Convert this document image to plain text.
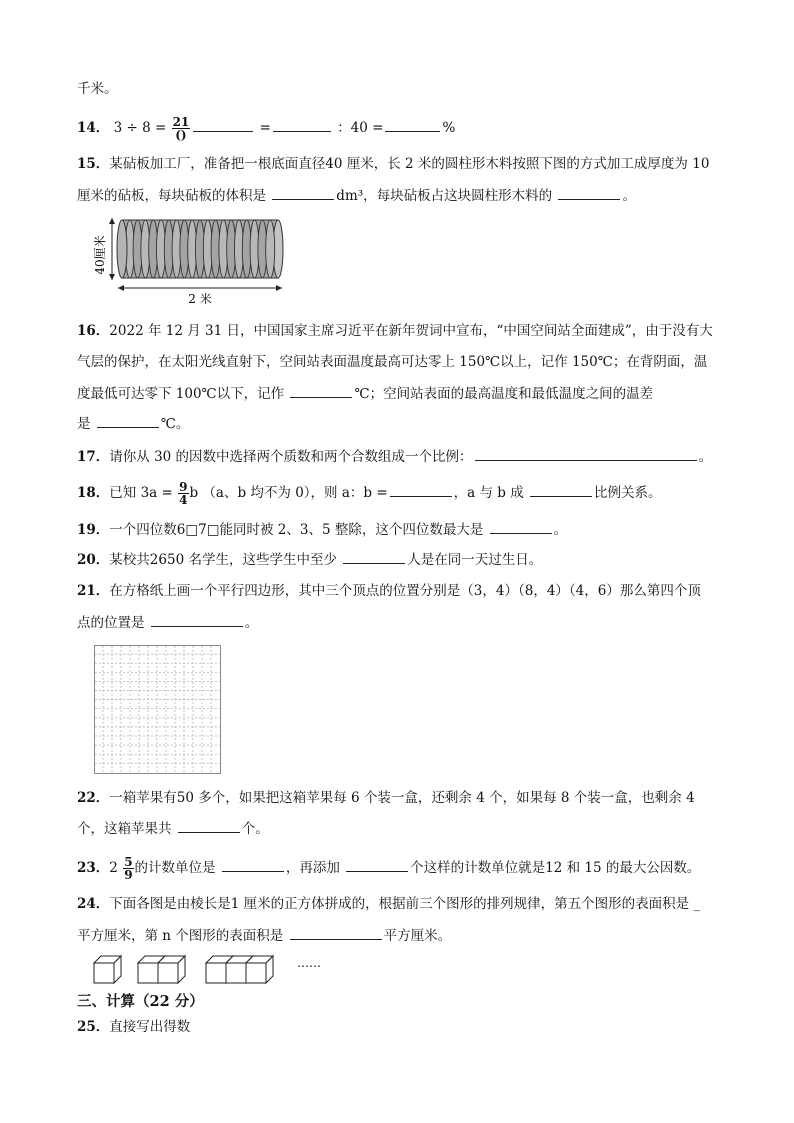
千米。
14． $3 \div 8 = \frac{21}{()}$	=	：40 =	%
15．某砧板加工厂，准备把一根底面直径40 厘米，长 2 米的圆柱形木料按照下图的方式加工成厚度为 10
厘米的砧板，每块砧板的体积是	dm³，每块砧板占这块圆柱形木料的	。
40厘米
2 米
16．2022 年 12 月 31 日，中国国家主席习近平在新年贺词中宣布，“中国空间站全面建成”，由于没有大
气层的保护，在太阳光线直射下，空间站表面温度最高可达零上 150℃以上，记作 150℃；在背阴面，温
度最低可达零下 100℃以下，记作	℃；空间站表面的最高温度和最低温度之间的温差
是	℃。
17．请你从 30 的因数中选择两个质数和两个合数组成一个比例：	。
18．已知 $3a = \frac{9}{4}$ b （a、b 均不为 0），则 a：b =	，a 与 b 成	比例关系。
19．一个四位数6□7□能同时被 2、3、5 整除，这个四位数最大是	。
20．某校共2650 名学生，这些学生中至少	人是在同一天过生日。
21．在方格纸上画一个平行四边形，其中三个顶点的位置分别是（3，4）（8，4）（4，6）那么第四个顶
点的位置是	。
22．一箱苹果有50 多个，如果把这箱苹果每 6 个装一盒，还剩余 4 个，如果每 8 个装一盒，也剩余 4
个，这箱苹果共	个。
23．$2 \frac{5}{9}$ 的计数单位是	，再添加	个这样的计数单位就是12 和 15 的最大公因数。
24．下面各图是由棱长是1 厘米的正方体拼成的，根据前三个图形的排列规律，第五个图形的表面积是 _
平方厘米，第 n 个图形的表面积是	平方厘米。
……
三、计算（22 分）
25．直接写出得数
